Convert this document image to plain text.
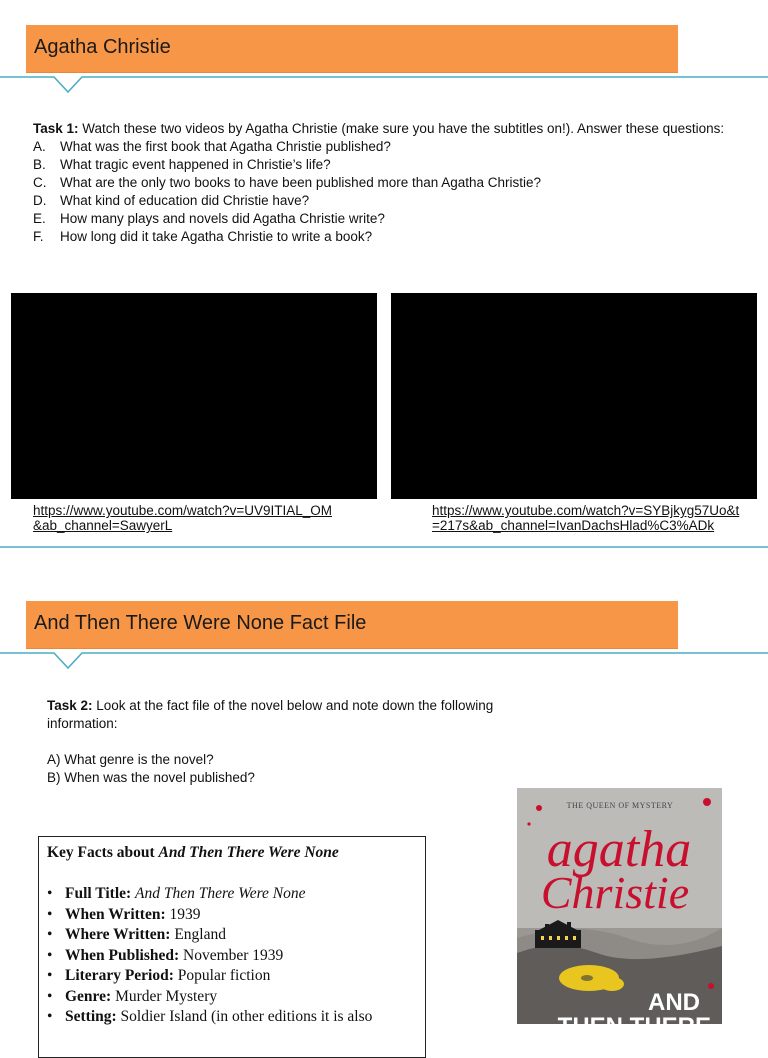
Agatha Christie
Task 1: Watch these two videos by Agatha Christie (make sure you have the subtitles on!). Answer these questions:
A. What was the first book that Agatha Christie published?
B. What tragic event happened in Christie’s life?
C. What are the only two books to have been published more than Agatha Christie?
D. What kind of education did Christie have?
E. How many plays and novels did Agatha Christie write?
F. How long did it take Agatha Christie to write a book?
https://www.youtube.com/watch?v=UV9ITIAL_OM&ab_channel=SawyerL
https://www.youtube.com/watch?v=SYBjkyg57Uo&t=217s&ab_channel=IvanDachsHlad%C3%ADk
And Then There Were None Fact File
Task 2: Look at the fact file of the novel below and note down the following information:
A) What genre is the novel?
B) When was the novel published?
Key Facts about And Then There Were None
• Full Title: And Then There Were None
• When Written: 1939
• Where Written: England
• When Published: November 1939
• Literary Period: Popular fiction
• Genre: Murder Mystery
• Setting: Soldier Island (in other editions it is also
THE QUEEN OF MYSTERY
agatha
Christie
AND
THEN THERE
